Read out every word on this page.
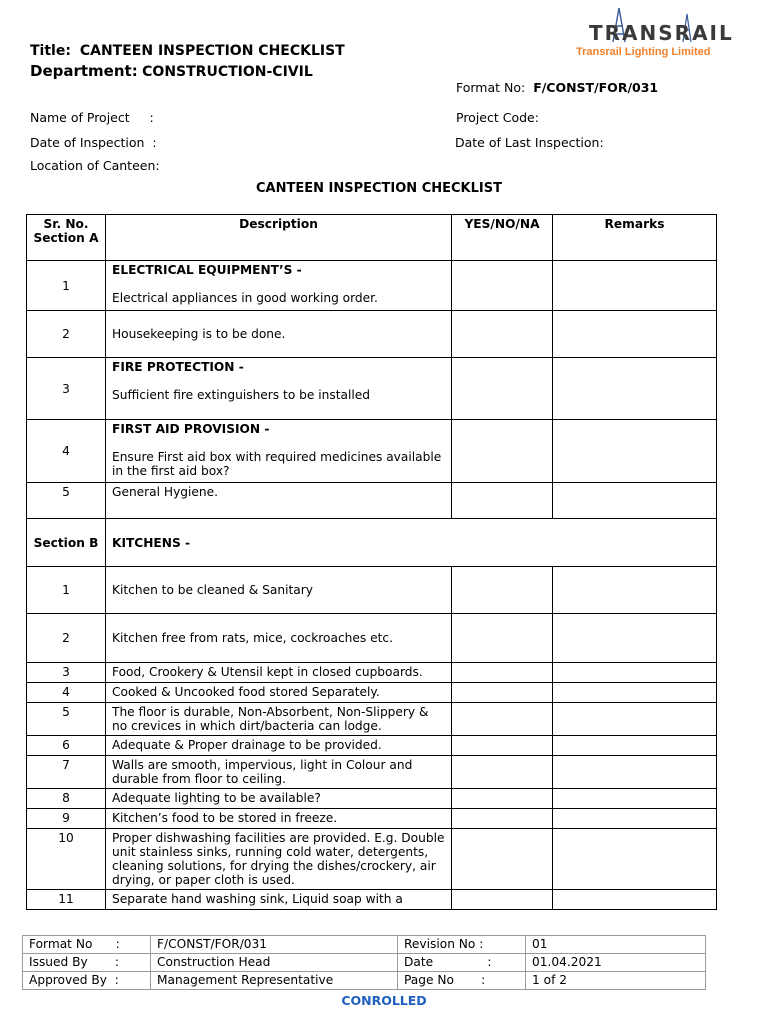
Title: CANTEEN INSPECTION CHECKLIST
Department: CONSTRUCTION-CIVIL
TRANSRAIL
Transrail Lighting Limited
Format No: F/CONST/FOR/031
Name of Project     :	Project Code:
Date of Inspection  :	Date of Last Inspection:
Location of Canteen:
CANTEEN INSPECTION CHECKLIST
Sr. No. Section A	Description	YES/NO/NA	Remarks
1	ELECTRICAL EQUIPMENT’S -
Electrical appliances in good working order.		
2	Housekeeping is to be done.		
3	FIRE PROTECTION -
Sufficient fire extinguishers to be installed		
4	FIRST AID PROVISION -
Ensure First aid box with required medicines available in the first aid box?		
5	General Hygiene.		
Section B	KITCHENS -		
1	Kitchen to be cleaned & Sanitary		
2	Kitchen free from rats, mice, cockroaches etc.		
3	Food, Crookery & Utensil kept in closed cupboards.		
4	Cooked & Uncooked food stored Separately.		
5	The floor is durable, Non-Absorbent, Non-Slippery & no crevices in which dirt/bacteria can lodge.		
6	Adequate & Proper drainage to be provided.		
7	Walls are smooth, impervious, light in Colour and durable from floor to ceiling.		
8	Adequate lighting to be available?		
9	Kitchen’s food to be stored in freeze.		
10	Proper dishwashing facilities are provided. E.g. Double unit stainless sinks, running cold water, detergents, cleaning solutions, for drying the dishes/crockery, air drying, or paper cloth is used.		
11	Separate hand washing sink, Liquid soap with a		
Format No      :	F/CONST/FOR/031	Revision No :	01
Issued By       :	Construction Head	Date              :	01.04.2021
Approved By  :	Management Representative	Page No       :	1 of 2
CONROLLED
